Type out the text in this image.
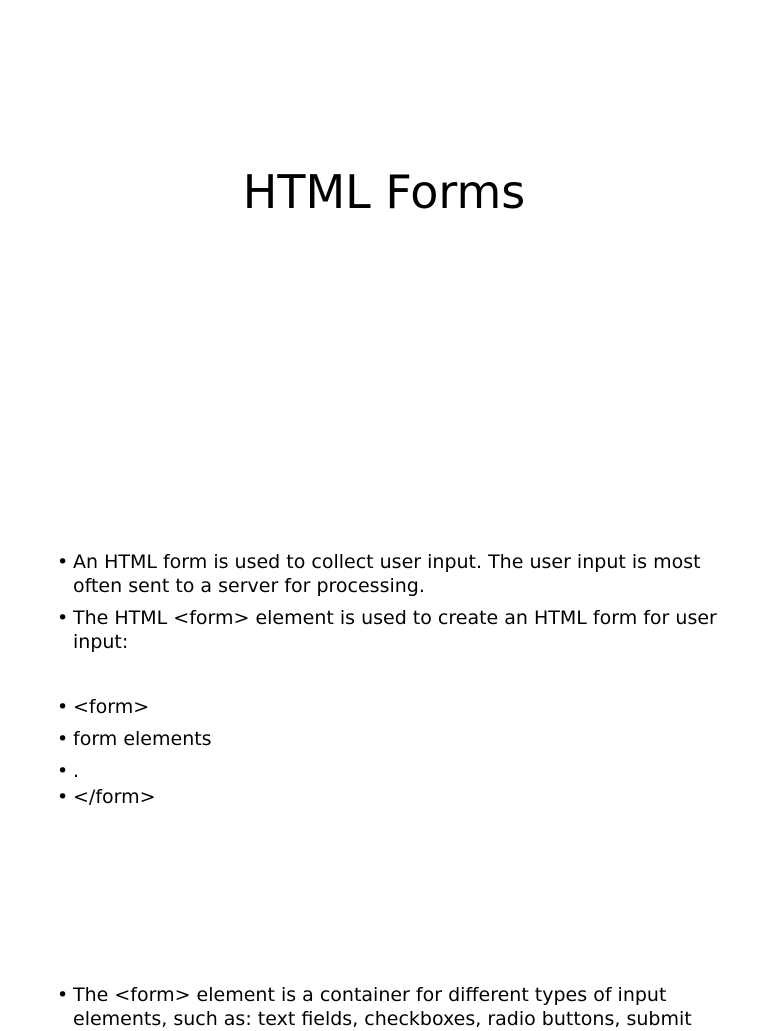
HTML Forms
• An HTML form is used to collect user input. The user input is most often sent to a server for processing.
• The HTML <form> element is used to create an HTML form for user input:
• <form>
• form elements
• .
• </form>
• The <form> element is a container for different types of input elements, such as: text fields, checkboxes, radio buttons, submit
